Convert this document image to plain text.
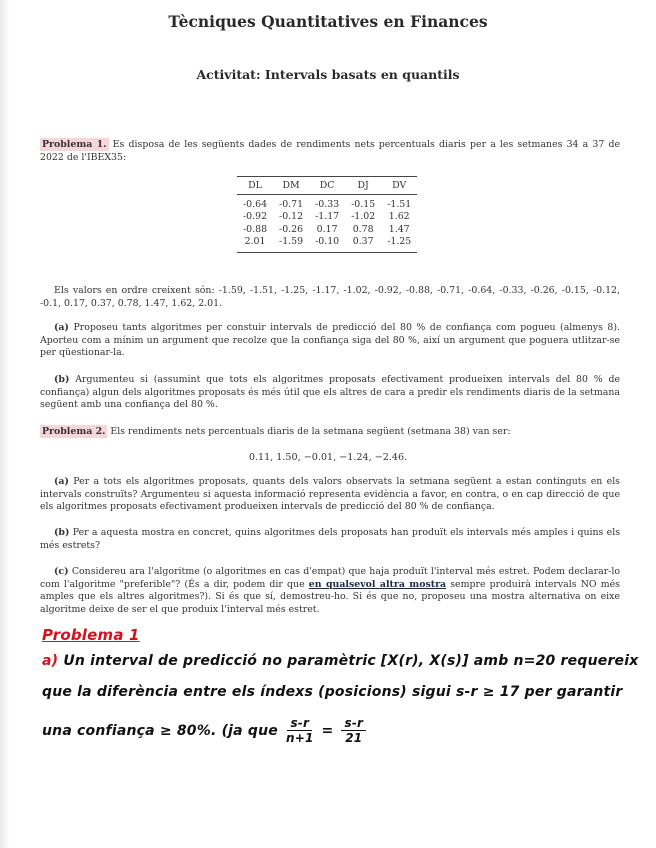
Tècniques Quantitatives en Finances
Activitat: Intervals basats en quantils
Problema 1. Es disposa de les següents dades de rendiments nets percentuals diaris per a les setmanes 34 a 37 de 2022 de l'IBEX35:
DL	DM	DC	DJ	DV
-0.64	-0.71	-0.33	-0.15	-1.51
-0.92	-0.12	-1.17	-1.02	1.62
-0.88	-0.26	0.17	0.78	1.47
2.01	-1.59	-0.10	0.37	-1.25
Els valors en ordre creixent són: -1.59, -1.51, -1.25, -1.17, -1.02, -0.92, -0.88, -0.71, -0.64, -0.33, -0.26, -0.15, -0.12, -0.1, 0.17, 0.37, 0.78, 1.47, 1.62, 2.01.
(a) Proposeu tants algoritmes per constuir intervals de predicció del 80 % de confiança com pogueu (almenys 8). Aporteu com a mínim un argument que recolze que la confiança siga del 80 %, així un argument que poguera utlitzar-se per qüestionar-la.
(b) Argumenteu si (assumint que tots els algoritmes proposats efectivament produeixen intervals del 80 % de confiança) algun dels algoritmes proposats és més útil que els altres de cara a predir els rendiments diaris de la setmana següent amb una confiança del 80 %.
Problema 2. Els rendiments nets percentuals diaris de la setmana següent (setmana 38) van ser:
0.11, 1.50, −0.01, −1.24, −2.46.
(a) Per a tots els algoritmes proposats, quants dels valors observats la setmana següent a estan continguts en els intervals construïts? Argumenteu si aquesta informació representa evidència a favor, en contra, o en cap direcció de que els algoritmes proposats efectivament produeixen intervals de predicció del 80 % de confiança.
(b) Per a aquesta mostra en concret, quins algoritmes dels proposats han produït els intervals més amples i quins els més estrets?
(c) Considereu ara l'algoritme (o algoritmes en cas d'empat) que haja produït l'interval més estret. Podem declarar-lo com l'algoritme "preferible"? (És a dir, podem dir que en qualsevol altra mostra sempre produirà intervals NO més amples que els altres algoritmes?). Si és que sí, demostreu-ho. Si és que no, proposeu una mostra alternativa on eixe algoritme deixe de ser el que produix l'interval més estret.
Problema 1
a) Un interval de predicció no paramètric [X(r), X(s)] amb n=20 requereix
que la diferència entre els índexs (posicions) sigui s-r ≥ 17 per garantir
una confiança ≥ 80%. (ja que $\frac{s-r}{n+1} = \frac{s-r}{21}$
